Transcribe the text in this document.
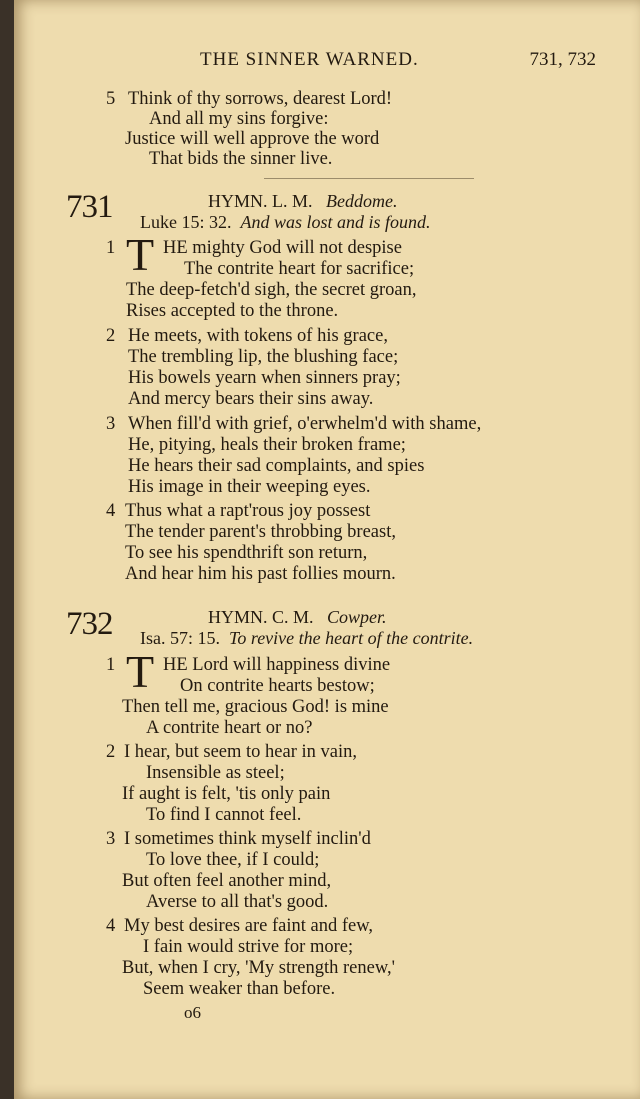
THE SINNER WARNED.	731, 732
5 Think of thy sorrows, dearest Lord!
And all my sins forgive:
Justice will well approve the word
That bids the sinner live.
731	HYMN. L. M. Beddome.
Luke 15: 32. And was lost and is found.
1 T HE mighty God will not despise
The contrite heart for sacrifice;
The deep-fetch'd sigh, the secret groan,
Rises accepted to the throne.
2 He meets, with tokens of his grace,
The trembling lip, the blushing face;
His bowels yearn when sinners pray;
And mercy bears their sins away.
3 When fill'd with grief, o'erwhelm'd with shame,
He, pitying, heals their broken frame;
He hears their sad complaints, and spies
His image in their weeping eyes.
4 Thus what a rapt'rous joy possest
The tender parent's throbbing breast,
To see his spendthrift son return,
And hear him his past follies mourn.
732	HYMN. C. M. Cowper.
Isa. 57: 15. To revive the heart of the contrite.
1 T HE Lord will happiness divine
On contrite hearts bestow;
Then tell me, gracious God! is mine
A contrite heart or no?
2 I hear, but seem to hear in vain,
Insensible as steel;
If aught is felt, 'tis only pain
To find I cannot feel.
3 I sometimes think myself inclin'd
To love thee, if I could;
But often feel another mind,
Averse to all that's good.
4 My best desires are faint and few,
I fain would strive for more;
But, when I cry, 'My strength renew,'
Seem weaker than before.
o6
